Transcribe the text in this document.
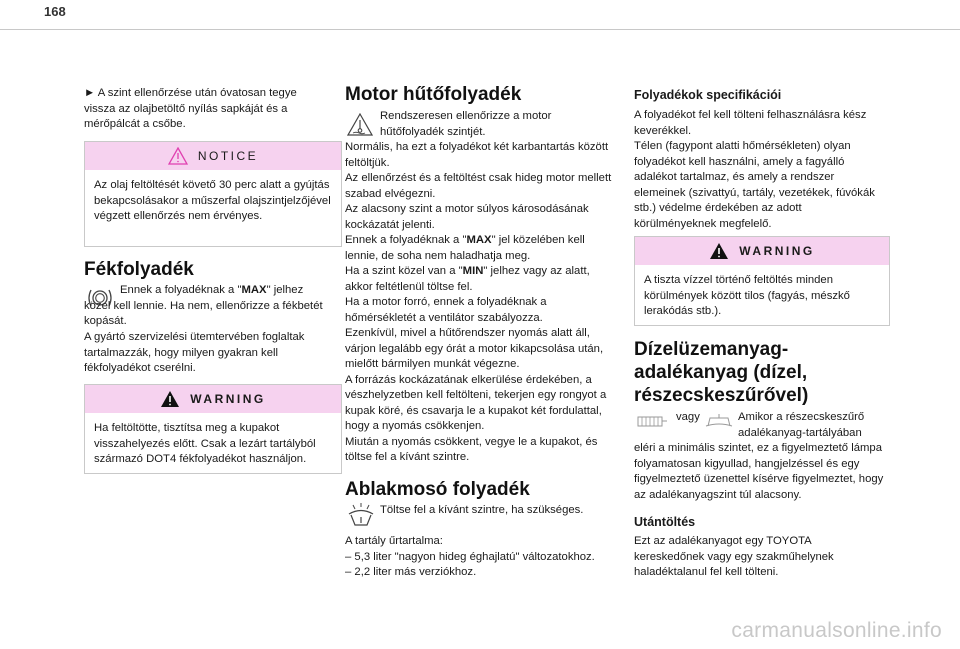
168

► A szint ellenőrzése után óvatosan tegye vissza az olajbetöltő nyílás sapkáját és a mérőpálcát a csőbe.

NOTICE

Az olaj feltöltését követő 30 perc alatt a gyújtás bekapcsolásakor a műszerfal olajszintjelzőjével végzett ellenőrzés nem érvényes.

Fékfolyadék

Ennek a folyadéknak a "MAX" jelhez közel kell lennie. Ha nem, ellenőrizze a fékbetét kopását.

A gyártó szervizelési ütemtervében foglaltak tartalmazzák, hogy milyen gyakran kell fékfolyadékot cserélni.

WARNING

Ha feltöltötte, tisztítsa meg a kupakot visszahelyezés előtt. Csak a lezárt tartályból származó DOT4 fékfolyadékot használjon.

Motor hűtőfolyadék

Rendszeresen ellenőrizze a motor hűtőfolyadék szintjét.

Normális, ha ezt a folyadékot két karbantartás között feltöltjük.
Az ellenőrzést és a feltöltést csak hideg motor mellett szabad elvégezni.
Az alacsony szint a motor súlyos károsodásának kockázatát jelenti.
Ennek a folyadéknak a "MAX" jel közelében kell lennie, de soha nem haladhatja meg.
Ha a szint közel van a "MIN" jelhez vagy az alatt, akkor feltétlenül töltse fel.
Ha a motor forró, ennek a folyadéknak a hőmérsékletét a ventilátor szabályozza.
Ezenkívül, mivel a hűtőrendszer nyomás alatt áll, várjon legalább egy órát a motor kikapcsolása után, mielőtt bármilyen munkát végezne.
A forrázás kockázatának elkerülése érdekében, a vészhelyzetben kell feltölteni, tekerjen egy rongyot a kupak köré, és csavarja le a kupakot két fordulattal, hogy a nyomás csökkenjen.
Miután a nyomás csökkent, vegye le a kupakot, és töltse fel a kívánt szintre.

Ablakmosó folyadék

Töltse fel a kívánt szintre, ha szükséges.

A tartály űrtartalma:
– 5,3 liter "nagyon hideg éghajlatú" változatokhoz.
– 2,2 liter más verziókhoz.

Folyadékok specifikációi

A folyadékot fel kell tölteni felhasználásra kész keverékkel.
Télen (fagypont alatti hőmérsékleten) olyan folyadékot kell használni, amely a fagyálló adalékot tartalmaz, és amely a rendszer elemeinek (szivattyú, tartály, vezetékek, fúvókák stb.) védelme érdekében az adott körülményeknek megfelelő.

WARNING

A tiszta vízzel történő feltöltés minden körülmények között tilos (fagyás, mészkő lerakódás stb.).

Dízelüzemanyag-
adalékanyag (dízel, részecskeszűrővel)
vagy	Amikor a részecskeszűrő adalékanyag-tartályában

eléri a minimális szintet, ez a figyelmeztető lámpa folyamatosan kigyullad, hangjelzéssel és egy figyelmeztető üzenettel kísérve figyelmeztet, hogy az adalékanyagszint túl alacsony.

Utántöltés

Ezt az adalékanyagot egy TOYOTA kereskedőnek vagy egy szakműhelynek haladéktalanul fel kell tölteni.

carmanualsonline.info
